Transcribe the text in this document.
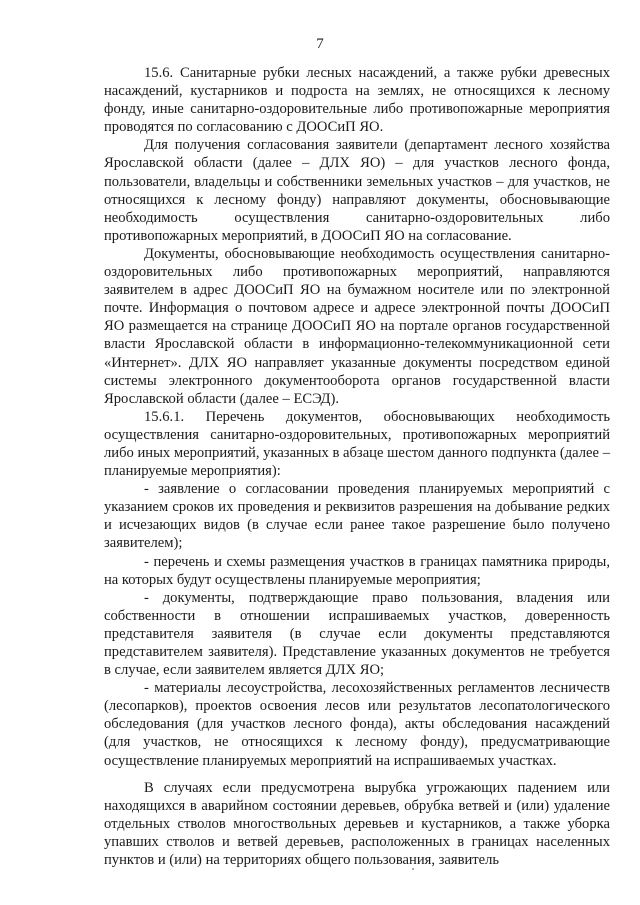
7

15.6. Санитарные рубки лесных насаждений, а также рубки древесных насаждений, кустарников и подроста на землях, не относящихся к лесному фонду, иные санитарно-оздоровительные либо противопожарные мероприятия проводятся по согласованию с ДООСиП ЯО.

Для получения согласования заявители (департамент лесного хозяйства Ярославской области (далее – ДЛХ ЯО) – для участков лесного фонда, пользователи, владельцы и собственники земельных участков – для участков, не относящихся к лесному фонду) направляют документы, обосновывающие необходимость осуществления санитарно-оздоровительных либо противопожарных мероприятий, в ДООСиП ЯО на согласование.

Документы, обосновывающие необходимость осуществления санитарно-оздоровительных либо противопожарных мероприятий, направляются заявителем в адрес ДООСиП ЯО на бумажном носителе или по электронной почте. Информация о почтовом адресе и адресе электронной почты ДООСиП ЯО размещается на странице ДООСиП ЯО на портале органов государственной власти Ярославской области в информационно-телекоммуникационной сети «Интернет». ДЛХ ЯО направляет указанные документы посредством единой системы электронного документооборота органов государственной власти Ярославской области (далее – ЕСЭД).

15.6.1. Перечень документов, обосновывающих необходимость осуществления санитарно-оздоровительных, противопожарных мероприятий либо иных мероприятий, указанных в абзаце шестом данного подпункта (далее – планируемые мероприятия):

- заявление о согласовании проведения планируемых мероприятий с указанием сроков их проведения и реквизитов разрешения на добывание редких и исчезающих видов (в случае если ранее такое разрешение было получено заявителем);

- перечень и схемы размещения участков в границах памятника природы, на которых будут осуществлены планируемые мероприятия;

- документы, подтверждающие право пользования, владения или собственности в отношении испрашиваемых участков, доверенность представителя заявителя (в случае если документы представляются представителем заявителя). Представление указанных документов не требуется в случае, если заявителем является ДЛХ ЯО;

- материалы лесоустройства, лесохозяйственных регламентов лесничеств (лесопарков), проектов освоения лесов или результатов лесопатологического обследования (для участков лесного фонда), акты обследования насаждений (для участков, не относящихся к лесному фонду), предусматривающие осуществление планируемых мероприятий на испрашиваемых участках.

В случаях если предусмотрена вырубка угрожающих падением или находящихся в аварийном состоянии деревьев, обрубка ветвей и (или) удаление отдельных стволов многоствольных деревьев и кустарников, а также уборка упавших стволов и ветвей деревьев, расположенных в границах населенных пунктов и (или) на территориях общего пользования, заявитель
